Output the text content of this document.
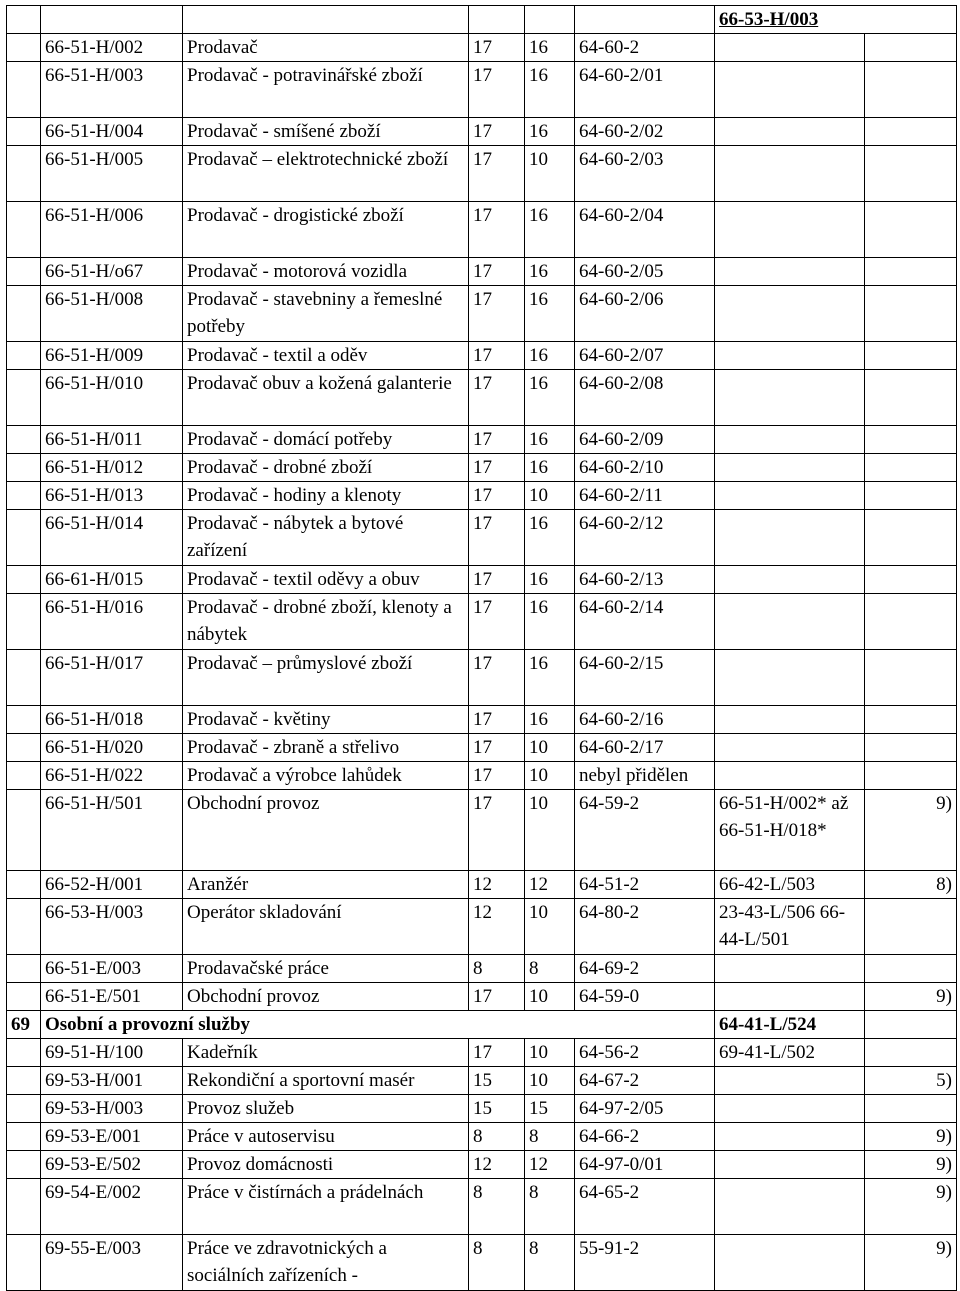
						66-53-H/003	
	66-51-H/002	Prodavač	17	16	64-60-2		
	66-51-H/003	Prodavač - potravinářské zboží	17	16	64-60-2/01		
	66-51-H/004	Prodavač - smíšené zboží	17	16	64-60-2/02		
	66-51-H/005	Prodavač – elektrotechnické zboží	17	10	64-60-2/03		
	66-51-H/006	Prodavač - drogistické zboží	17	16	64-60-2/04		
	66-51-H/o67	Prodavač - motorová vozidla	17	16	64-60-2/05		
	66-51-H/008	Prodavač - stavebniny a řemeslné potřeby	17	16	64-60-2/06		
	66-51-H/009	Prodavač - textil a oděv	17	16	64-60-2/07		
	66-51-H/010	Prodavač obuv a kožená galanterie	17	16	64-60-2/08		
	66-51-H/011	Prodavač - domácí potřeby	17	16	64-60-2/09		
	66-51-H/012	Prodavač - drobné zboží	17	16	64-60-2/10		
	66-51-H/013	Prodavač - hodiny a klenoty	17	10	64-60-2/11		
	66-51-H/014	Prodavač - nábytek a bytové zařízení	17	16	64-60-2/12		
	66-61-H/015	Prodavač - textil oděvy a obuv	17	16	64-60-2/13		
	66-51-H/016	Prodavač - drobné zboží, klenoty a nábytek	17	16	64-60-2/14		
	66-51-H/017	Prodavač – průmyslové zboží	17	16	64-60-2/15		
	66-51-H/018	Prodavač - květiny	17	16	64-60-2/16		
	66-51-H/020	Prodavač - zbraně a střelivo	17	10	64-60-2/17		
	66-51-H/022	Prodavač a výrobce lahůdek	17	10	nebyl přidělen		
	66-51-H/501	Obchodní provoz	17	10	64-59-2	66-51-H/002* až 66-51-H/018*	9)
	66-52-H/001	Aranžér	12	12	64-51-2	66-42-L/503	8)
	66-53-H/003	Operátor skladování	12	10	64-80-2	23-43-L/506 66-44-L/501	
	66-51-E/003	Prodavačské práce	8	8	64-69-2		
	66-51-E/501	Obchodní provoz	17	10	64-59-0		9)
69	Osobní a provozní služby					64-41-L/524	
	69-51-H/100	Kadeřník	17	10	64-56-2	69-41-L/502	
	69-53-H/001	Rekondiční a sportovní masér	15	10	64-67-2		5)
	69-53-H/003	Provoz služeb	15	15	64-97-2/05		
	69-53-E/001	Práce v autoservisu	8	8	64-66-2		9)
	69-53-E/502	Provoz domácnosti	12	12	64-97-0/01		9)
	69-54-E/002	Práce v čistírnách a prádelnách	8	8	64-65-2		9)
	69-55-E/003	Práce ve zdravotnických a sociálních zařízeních -	8	8	55-91-2		9)
